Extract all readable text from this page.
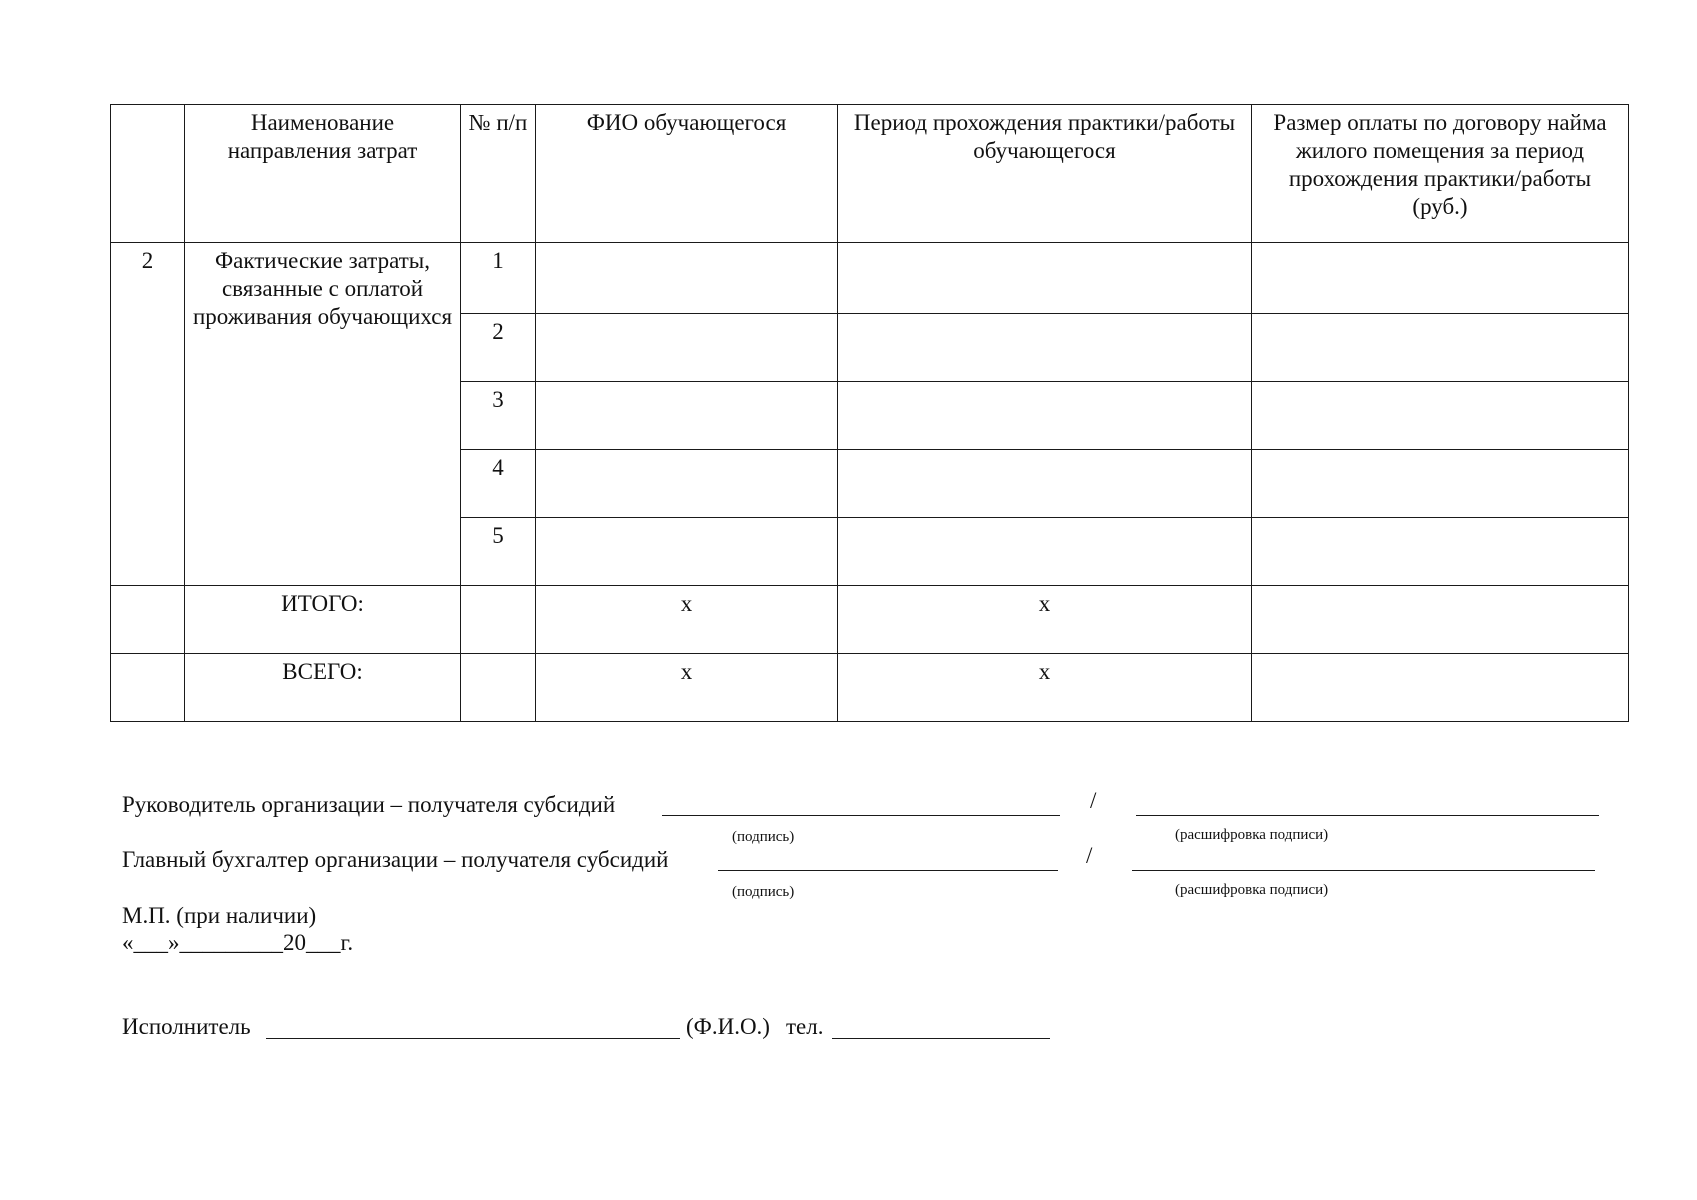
	Наименование направления затрат	№ п/п	ФИО обучающегося	Период прохождения практики/работы обучающегося	Размер оплаты по договору найма жилого помещения за период прохождения практики/работы
(руб.)
2	Фактические затраты, связанные с оплатой проживания обучающихся	1			
		2			
		3			
		4			
		5			
	ИТОГО:		х	х	
	ВСЕГО:		х	х	
Руководитель организации – получателя субсидий	/
(подпись)	(расшифровка подписи)
Главный бухгалтер организации – получателя субсидий	/
(подпись)	(расшифровка подписи)
М.П. (при наличии)
«___»_________20___г.
Исполнитель	(Ф.И.О.) тел.
